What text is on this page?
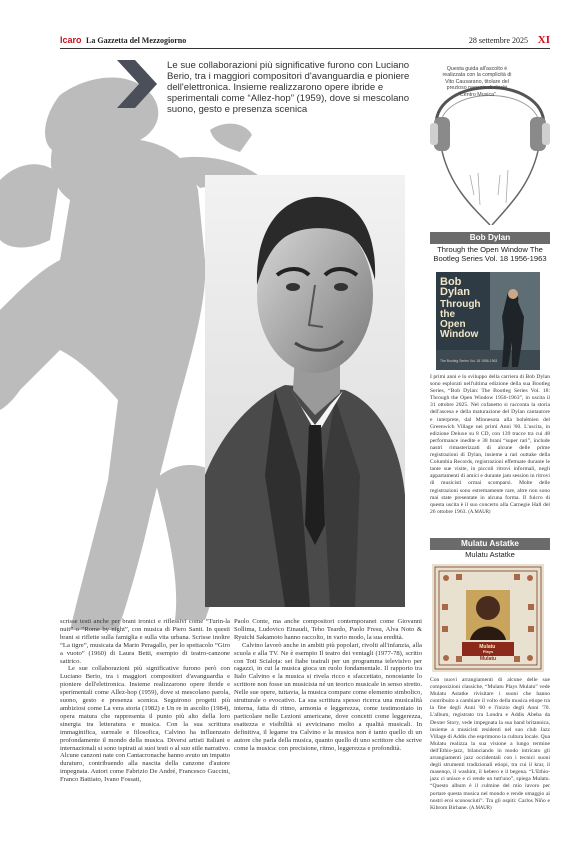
Icaro La Gazzetta del Mezzogiorno	28 settembre 2025 XI
Le sue collaborazioni più significative furono con Luciano Berio, tra i maggiori compositori d'avanguardia e pioniere dell'elettronica. Insieme realizzarono opere ibride e sperimentali come “Allez-hop” (1959), dove si mescolano suono, gesto e presenza scenica
Questa guida all'ascolto è realizzata con la complicità di Vito Causarano, titolare del prezioso negozio di dischi “Centro Musica”
Bob Dylan
Through the Open Window The Bootleg Series Vol. 18 1956-1963
Bob Dylan Through the Open Window
The Bootleg Series Vol. 18 1956-1963
I primi anni e lo sviluppo della carriera di Bob Dylan sono esplorati nell'ultima edizione della sua Bootleg Series, “Bob Dylan: The Bootleg Series Vol. 18: Through the Open Window 1956-1963”, in uscita il 31 ottobre 2025. Nel cofanetto si racconta la storia dell'ascesa e della maturazione del Dylan cantautore e interprete, dal Minnesota alla bohémien del Greenwich Village nei primi Anni '60. L'uscita, in edizione Deluxe su 8 CD, con 139 tracce tra cui 48 performance inedite e 38 brani “super rari”, include nastri rimasterizzati di alcune delle prime registrazioni di Dylan, insieme a rari outtake della Columbia Records, registrazioni effettuate durante le tante sue visite, in piccoli ritrovi informali, negli appartamenti di amici e durante jam session in ritrovi di musicisti ormai scomparsi. Molte delle registrazioni sono estremamente rare, altre non sono mai state presentate in alcuna forma. Il fulcro di questa uscita è il suo concerto alla Carnegie Hall del 26 ottobre 1963. (A.MAUR)
Mulatu Astatke
Mulatu Astatke
Mulatu Plays
Mulatu
Con nuovi arrangiamenti di alcune delle sue composizioni classiche, “Mulatu Plays Mulatu” vede Mulatu Astatke rivisitare i suoni che hanno contribuito a cambiare il volto della musica etiope tra la fine degli Anni '60 e l'inizio degli Anni '70. L'album, registrato tra Londra e Addis Abeba da Dexter Story, vede impegnata la sua band britannica, insieme a musicisti residenti nel suo club Jazz Village di Addis che esprimono la cultura locale. Qua Mulatu realizza la sua visione a lungo termine dell'Ethio-jazz, bilanciando in modo intricato gli arrangiamenti jazz occidentali con i tecnici suoni degli strumenti tradizionali etiopi, tra cui il krar, il masenqo, il washint, il kebero e il begena. “L'Ethio-jazz ci unisce e ci rende un tutt'uno”, spiega Mulatu. “Questo album è il culmine del mio lavoro per portare questa musica nel mondo e rende omaggio ai nostri eroi sconosciuti”. Tra gli ospiti: Carlos Niño e Kibrom Birhane. (A.MAUR)

scrisse testi anche per brani ironici e riflessivi come “Turin-la nuit” o “Rome by night”, con musica di Piero Santi. In questi brani si riflette sulla famiglia e sulla vita urbana. Scrisse inoltre “La tigre”, musicata da Mario Peragallo, per lo spettacolo “Giro a vuoto” (1960) di Laura Betti, esempio di teatro-canzone satirico.

Le sue collaborazioni più significative furono però con Luciano Berio, tra i maggiori compositori d'avanguardia e pioniere dell'elettronica. Insieme realizzarono opere ibride e sperimentali come Allez-hop (1959), dove si mescolano parola, suono, gesto e presenza scenica. Seguirono progetti più ambiziosi come La vera storia (1982) e Un re in ascolto (1984), opera matura che rappresenta il punto più alto della loro sinergia tra letteratura e musica. Con la sua scrittura immaginifica, surreale e filosofica, Calvino ha influenzato profondamente il mondo della musica. Diversi artisti italiani e internazionali si sono ispirati ai suoi testi o al suo stile narrativo. Alcune canzoni nate con Cantacronache hanno avuto un impatto duraturo, contribuendo alla nascita della canzone d'autore impegnata. Autori come Fabrizio De André, Francesco Guccini, Franco Battiato, Ivano Fossati,

Paolo Conte, ma anche compositori contemporanei come Giovanni Sollima, Ludovico Einaudi, Teho Teardo, Paolo Fresu, Alva Noto & Ryuichi Sakamoto hanno raccolto, in vario modo, la sua eredità.

Calvino lavorò anche in ambiti più popolari, rivolti all'infanzia, alla scuola e alla TV. Ne è esempio Il teatro dei ventagli (1977-78), scritto con Toti Scialoja: sei fiabe teatrali per un programma televisivo per ragazzi, in cui la musica gioca un ruolo fondamentale. Il rapporto tra Italo Calvino e la musica si rivela ricco e sfaccettato, nonostante lo scrittore non fosse un musicista né un teorico musicale in senso stretto. Nelle sue opere, tuttavia, la musica compare come elemento simbolico, strutturale o evocativo. La sua scrittura spesso ricerca una musicalità interna, fatta di ritmo, armonia e leggerezza, come testimoniato in particolare nelle Lezioni americane, dove concetti come leggerezza, esattezza e visibilità si avvicinano molto a qualità musicali. In definitiva, il legame tra Calvino e la musica non è tanto quello di un autore che parla della musica, quanto quello di uno scrittore che scrive come la musica: con precisione, ritmo, leggerezza e profondità.
